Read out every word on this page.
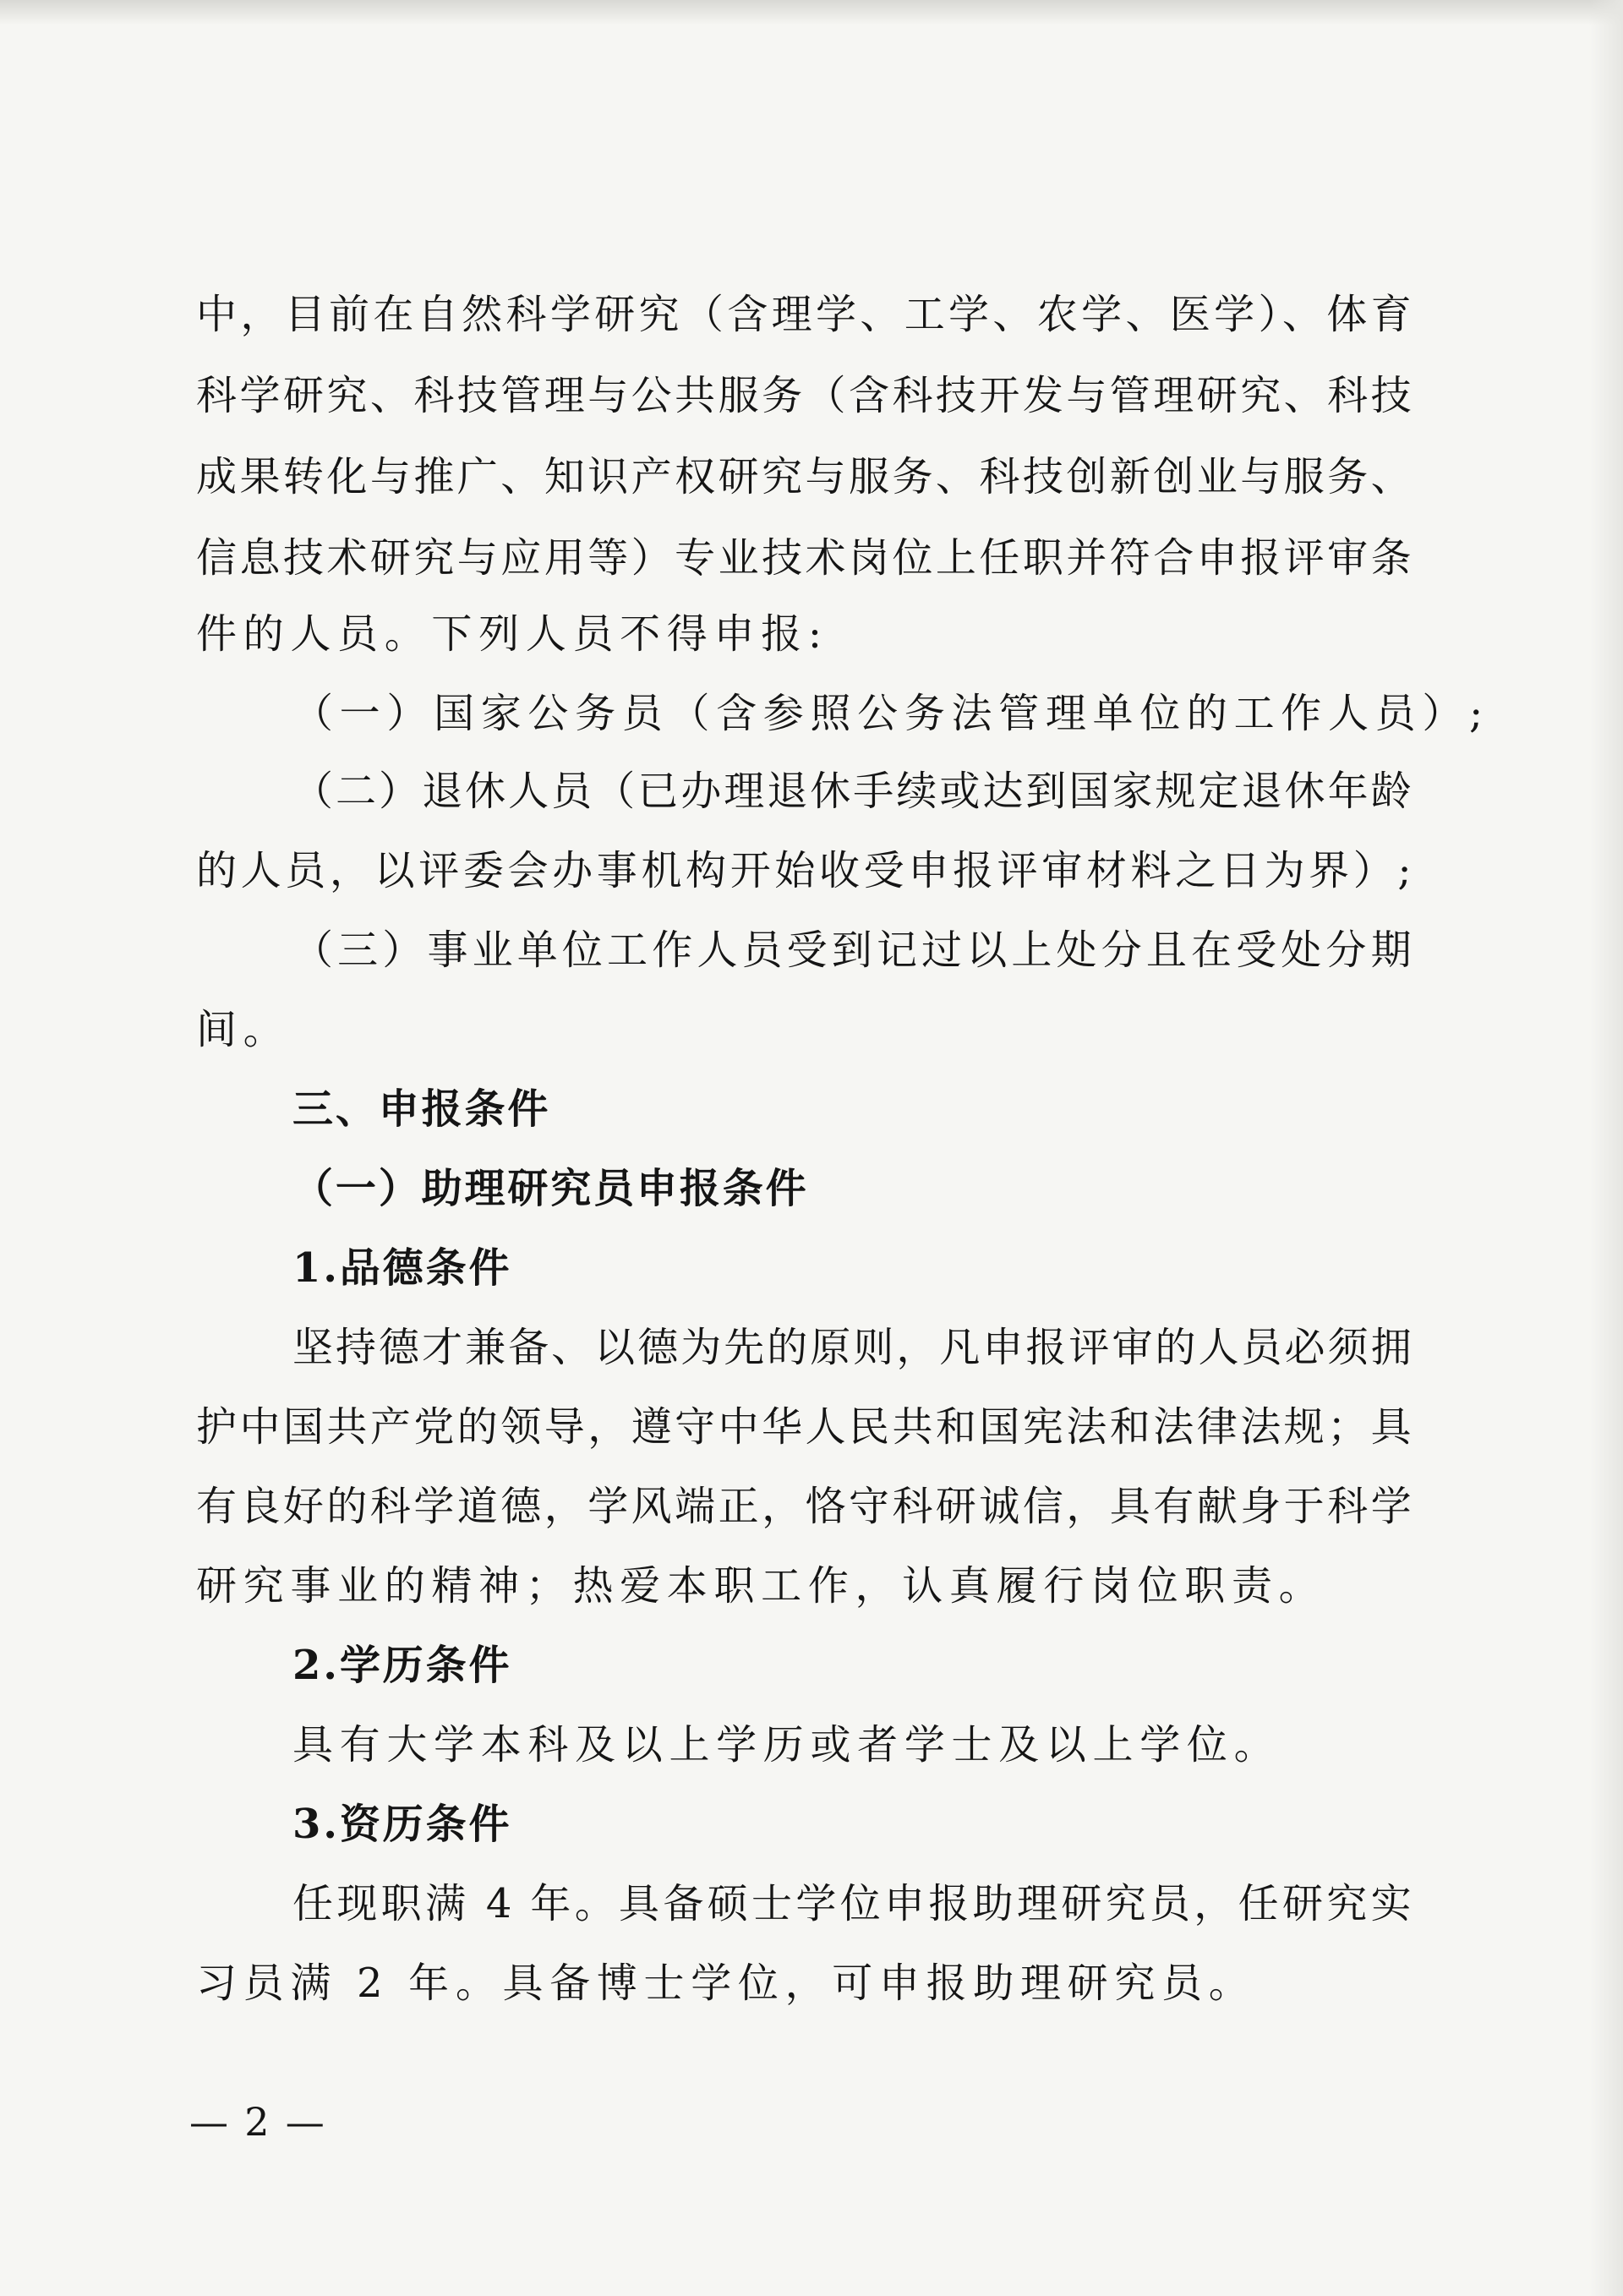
中，目前在自然科学研究（含理学、工学、农学、医学）、体育
科学研究、科技管理与公共服务（含科技开发与管理研究、科技
成果转化与推广、知识产权研究与服务、科技创新创业与服务、
信息技术研究与应用等）专业技术岗位上任职并符合申报评审条
件的人员。下列人员不得申报:
（一）国家公务员（含参照公务法管理单位的工作人员）;
（二）退休人员（已办理退休手续或达到国家规定退休年龄
的人员，以评委会办事机构开始收受申报评审材料之日为界）;
（三）事业单位工作人员受到记过以上处分且在受处分期
间。
三、申报条件
（一）助理研究员申报条件
1.品德条件
坚持德才兼备、以德为先的原则，凡申报评审的人员必须拥
护中国共产党的领导，遵守中华人民共和国宪法和法律法规；具
有良好的科学道德，学风端正，恪守科研诚信，具有献身于科学
研究事业的精神；热爱本职工作，认真履行岗位职责。
2.学历条件
具有大学本科及以上学历或者学士及以上学位。
3.资历条件
任现职满 4 年。具备硕士学位申报助理研究员，任研究实
习员满 2 年。具备博士学位，可申报助理研究员。
— 2 —
